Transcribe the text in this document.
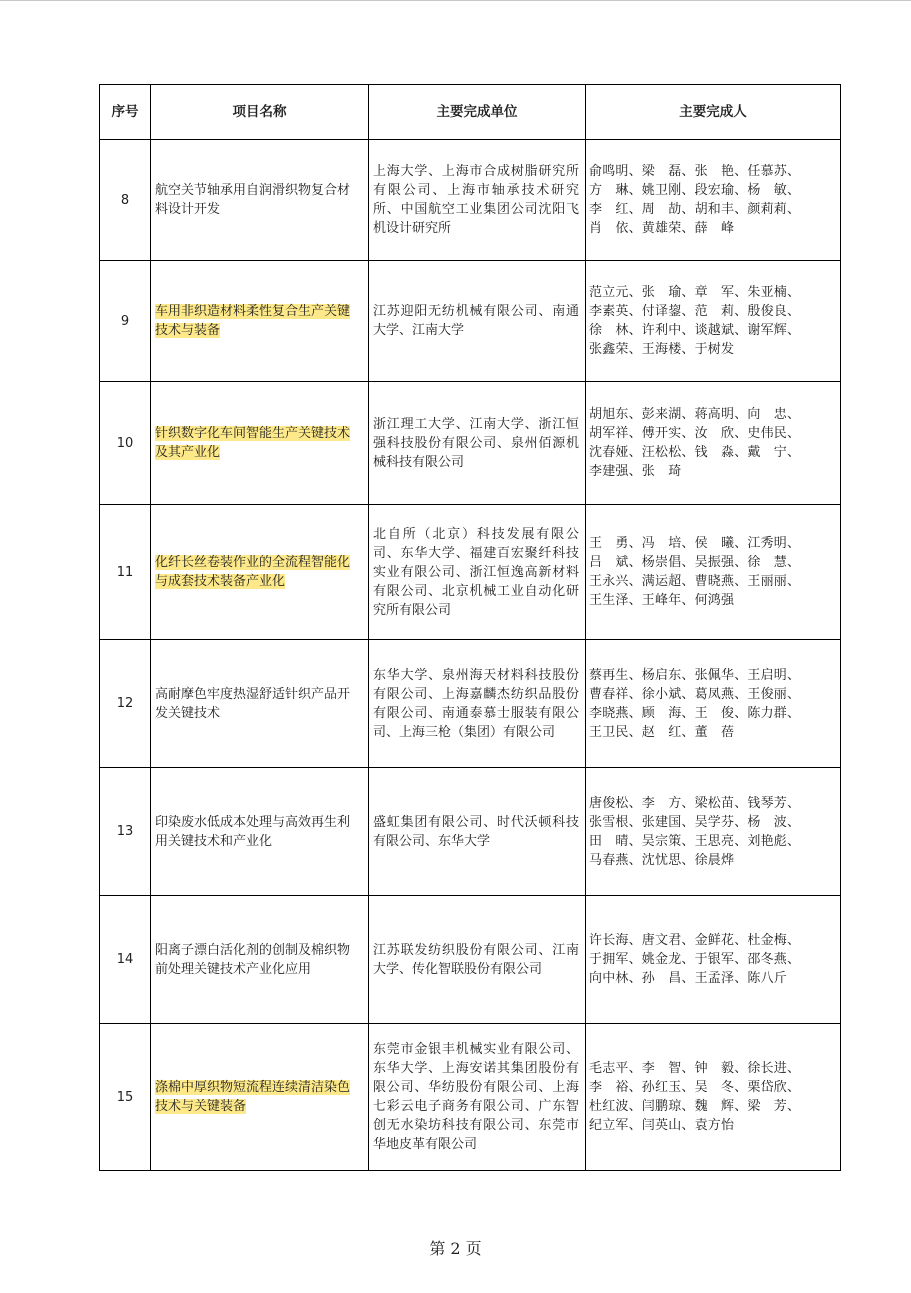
序号	项目名称	主要完成单位	主要完成人
8	航空关节轴承用自润滑织物复合材料设计开发	上海大学、上海市合成树脂研究所有限公司、上海市轴承技术研究所、中国航空工业集团公司沈阳飞机设计研究所	俞鸣明、梁　磊、张　艳、任慕苏、
方　琳、姚卫刚、段宏瑜、杨　敏、
李　红、周　劼、胡和丰、颜莉莉、
肖　依、黄雄荣、薛　峰

9	车用非织造材料柔性复合生产关键技术与装备	江苏迎阳无纺机械有限公司、南通大学、江南大学	范立元、张　瑜、章　军、朱亚楠、
李素英、付译鋆、范　莉、殷俊良、
徐　林、许利中、谈越斌、谢军辉、
张鑫荣、王海楼、于树发

10	针织数字化车间智能生产关键技术及其产业化	浙江理工大学、江南大学、浙江恒强科技股份有限公司、泉州佰源机械科技有限公司	胡旭东、彭来湖、蒋高明、向　忠、
胡军祥、傅开实、汝　欣、史伟民、
沈春娅、汪松松、钱　淼、戴　宁、
李建强、张　琦

11	化纤长丝卷装作业的全流程智能化与成套技术装备产业化	北自所（北京）科技发展有限公司、东华大学、福建百宏聚纤科技实业有限公司、浙江恒逸高新材料有限公司、北京机械工业自动化研究所有限公司	王　勇、冯　培、侯　曦、江秀明、
吕　斌、杨崇倡、吴振强、徐　慧、
王永兴、满运超、曹晓燕、王丽丽、
王生泽、王峰年、何鸿强

12	高耐摩色牢度热湿舒适针织产品开发关键技术	东华大学、泉州海天材料科技股份有限公司、上海嘉麟杰纺织品股份有限公司、南通泰慕士服装有限公司、上海三枪（集团）有限公司	蔡再生、杨启东、张佩华、王启明、
曹春祥、徐小斌、葛凤燕、王俊丽、
李晓燕、顾　海、王　俊、陈力群、
王卫民、赵　红、董　蓓

13	印染废水低成本处理与高效再生利用关键技术和产业化	盛虹集团有限公司、时代沃顿科技有限公司、东华大学	唐俊松、李　方、梁松苗、钱琴芳、
张雪根、张建国、吴学芬、杨　波、
田　晴、吴宗策、王思亮、刘艳彪、
马春燕、沈忧思、徐晨烨

14	阳离子漂白活化剂的创制及棉织物前处理关键技术产业化应用	江苏联发纺织股份有限公司、江南大学、传化智联股份有限公司	许长海、唐文君、金鲜花、杜金梅、
于拥军、姚金龙、于银军、邵冬燕、
向中林、孙　昌、王孟泽、陈八斤

15	涤棉中厚织物短流程连续清洁染色技术与关键装备	东莞市金银丰机械实业有限公司、东华大学、上海安诺其集团股份有限公司、华纺股份有限公司、上海七彩云电子商务有限公司、广东智创无水染坊科技有限公司、东莞市华地皮革有限公司	毛志平、李　智、钟　毅、徐长进、
李　裕、孙红玉、吴　冬、栗岱欣、
杜红波、闫鹏琼、魏　辉、梁　芳、
纪立军、闫英山、袁方怡
第 2 页
